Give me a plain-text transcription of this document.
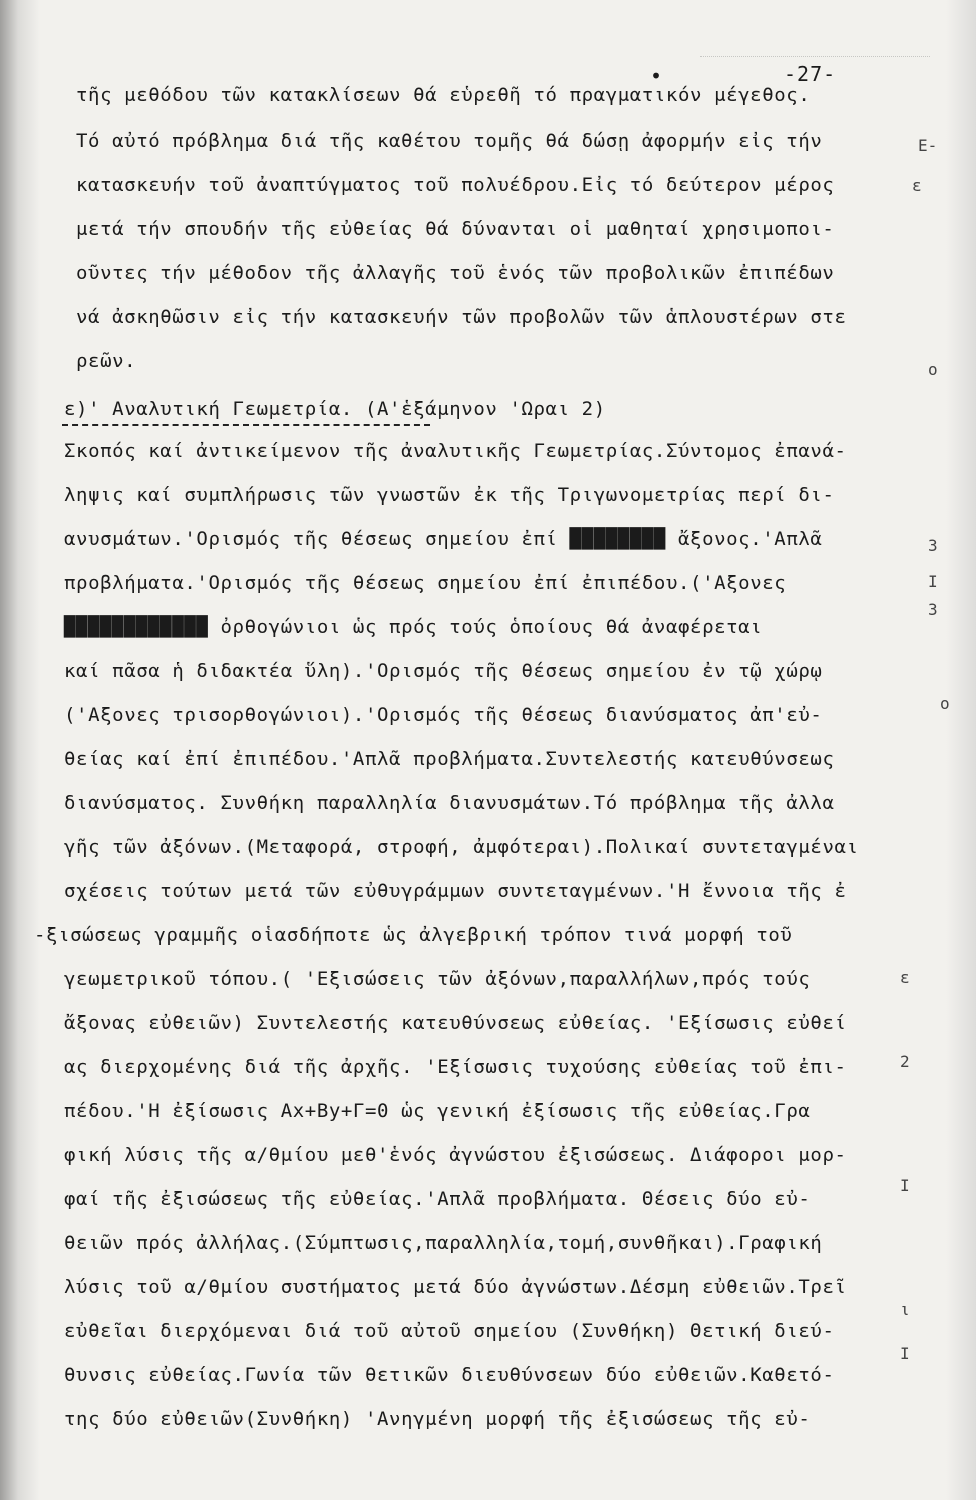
•	-27-
τῆς μεθόδου τῶν κατακλίσεων θά εὑρεθῆ τό πραγματικόν μέγεθος.
Τό αὐτό πρόβλημα διά τῆς καθέτου τομῆς θά δώσῃ ἀφορμήν εἰς τήν
κατασκευήν τοῦ ἀναπτύγματος τοῦ πολυέδρου.Εἰς τό δεύτερον μέρος
μετά τήν σπουδήν τῆς εὐθείας θά δύνανται οἱ μαθηταί χρησιμοποι-
οῦντες τήν μέθοδον τῆς ἀλλαγῆς τοῦ ἑνός τῶν προβολικῶν ἐπιπέδων
νά ἀσκηθῶσιν εἰς τήν κατασκευήν τῶν προβολῶν τῶν ἁπλουστέρων στε
ρεῶν.
ε)' Αναλυτική Γεωμετρία. (Α'ἑξάμηνον 'Ωραι 2)
Σκοπός καί ἀντικείμενον τῆς ἀναλυτικῆς Γεωμετρίας.Σύντομος ἐπανά-
ληψις καί συμπλήρωσις τῶν γνωστῶν ἐκ τῆς Τριγωνομετρίας περί δι-
ανυσμάτων.'Ορισμός τῆς θέσεως σημείου ἐπί ████████ ἄξονος.'Απλᾶ
προβλήματα.'Ορισμός τῆς θέσεως σημείου ἐπί ἐπιπέδου.('Αξονες
████████████ ὀρθογώνιοι ὡς πρός τούς ὁποίους θά ἀναφέρεται
καί πᾶσα ἡ διδακτέα ὕλη).'Ορισμός τῆς θέσεως σημείου ἐν τῷ χώρῳ
('Αξονες τρισορθογώνιοι).'Ορισμός τῆς θέσεως διανύσματος ἀπ'εὐ-
θείας καί ἐπί ἐπιπέδου.'Απλᾶ προβλήματα.Συντελεστής κατευθύνσεως
διανύσματος. Συνθήκη παραλληλία διανυσμάτων.Τό πρόβλημα τῆς ἀλλα
γῆς τῶν ἀξόνων.(Μεταφορά, στροφή, ἀμφότεραι).Πολικαί συντεταγμέναι
σχέσεις τούτων μετά τῶν εὐθυγράμμων συντεταγμένων.'Η ἔννοια τῆς ἐ
-ξισώσεως γραμμῆς οἱασδήποτε ὡς ἀλγεβρική τρόπον τινά μορφή τοῦ
γεωμετρικοῦ τόπου.( 'Εξισώσεις τῶν ἀξόνων,παραλλήλων,πρός τούς
ἄξονας εὐθειῶν) Συντελεστής κατευθύνσεως εὐθείας. 'Εξίσωσις εὐθεί
ας διερχομένης διά τῆς ἀρχῆς. 'Εξίσωσις τυχούσης εὐθείας τοῦ ἐπι-
πέδου.'Η ἐξίσωσις Αx+Βy+Γ=0 ὡς γενική ἐξίσωσις τῆς εὐθείας.Γρα
φική λύσις τῆς α/θμίου μεθ'ἑνός ἀγνώστου ἐξισώσεως. Διάφοροι μορ-
φαί τῆς ἐξισώσεως τῆς εὐθείας.'Απλᾶ προβλήματα. Θέσεις δύο εὐ-
θειῶν πρός ἀλλήλας.(Σύμπτωσις,παραλληλία,τομή,συνθῆκαι).Γραφική
λύσις τοῦ α/θμίου συστήματος μετά δύο ἀγνώστων.Δέσμη εὐθειῶν.Τρεῖ
εὐθεῖαι διερχόμεναι διά τοῦ αὐτοῦ σημείου (Συνθήκη) Θετική διεύ-
θυνσις εὐθείας.Γωνία τῶν θετικῶν διευθύνσεων δύο εὐθειῶν.Καθετό-
της δύο εὐθειῶν(Συνθήκη) 'Ανηγμένη μορφή τῆς ἐξισώσεως τῆς εὐ-
Ε-
ε
ο
3
Ι
3
o
ε
2
Ι
ι
Ι
